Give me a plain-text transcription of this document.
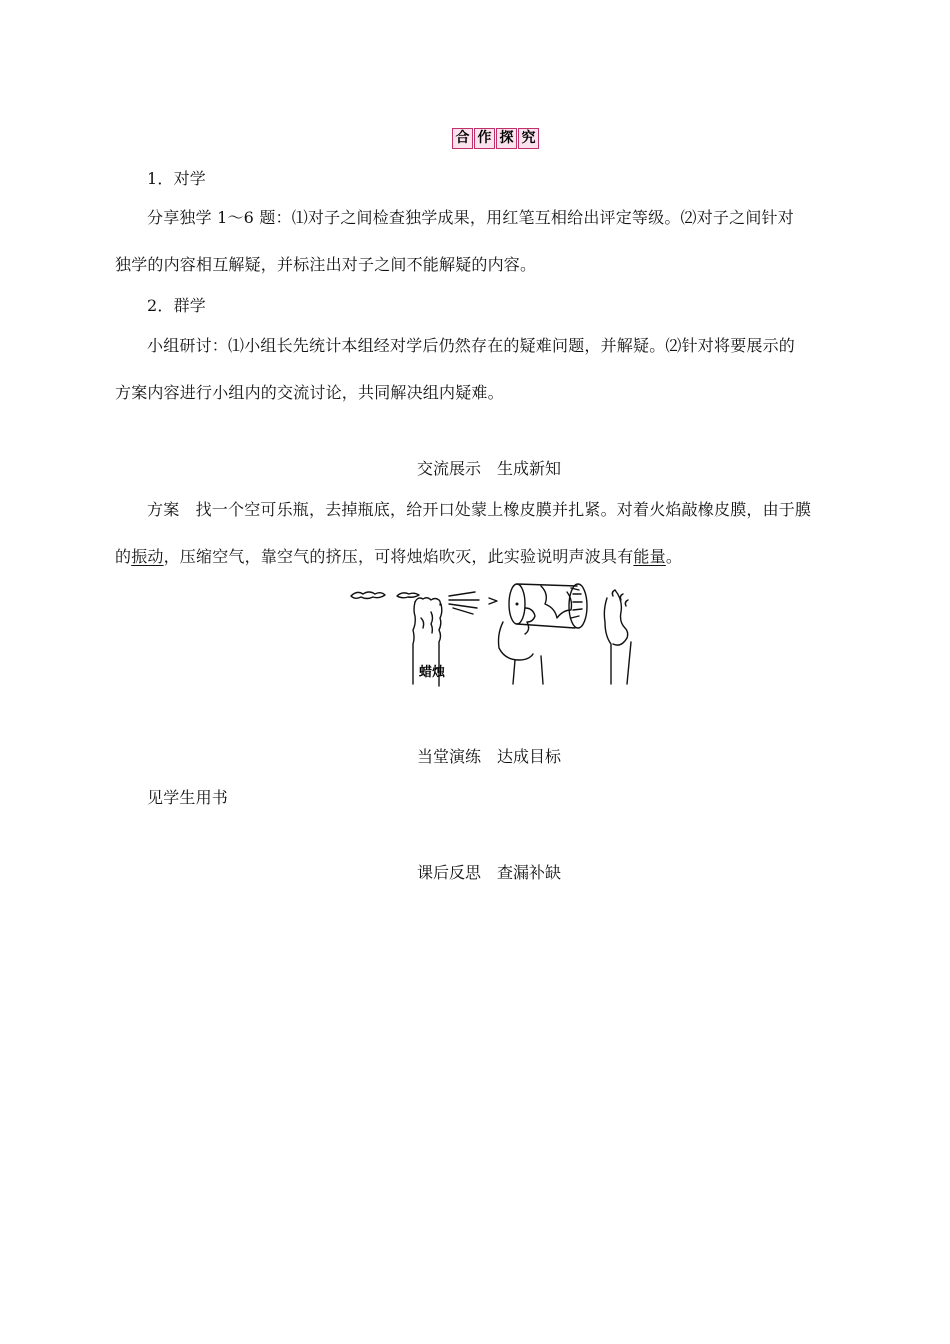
合 作 探 究
1．对学
分享独学 1～6 题：⑴对子之间检查独学成果，用红笔互相给出评定等级。⑵对子之间针对
独学的内容相互解疑，并标注出对子之间不能解疑的内容。
2．群学
小组研讨：⑴小组长先统计本组经对学后仍然存在的疑难问题，并解疑。⑵针对将要展示的
方案内容进行小组内的交流讨论，共同解决组内疑难。
交流展示　生成新知
方案　找一个空可乐瓶，去掉瓶底，给开口处蒙上橡皮膜并扎紧。对着火焰敲橡皮膜，由于膜
的振动，压缩空气，靠空气的挤压，可将烛焰吹灭，此实验说明声波具有能量。
蜡烛
当堂演练　达成目标
见学生用书
课后反思　查漏补缺
